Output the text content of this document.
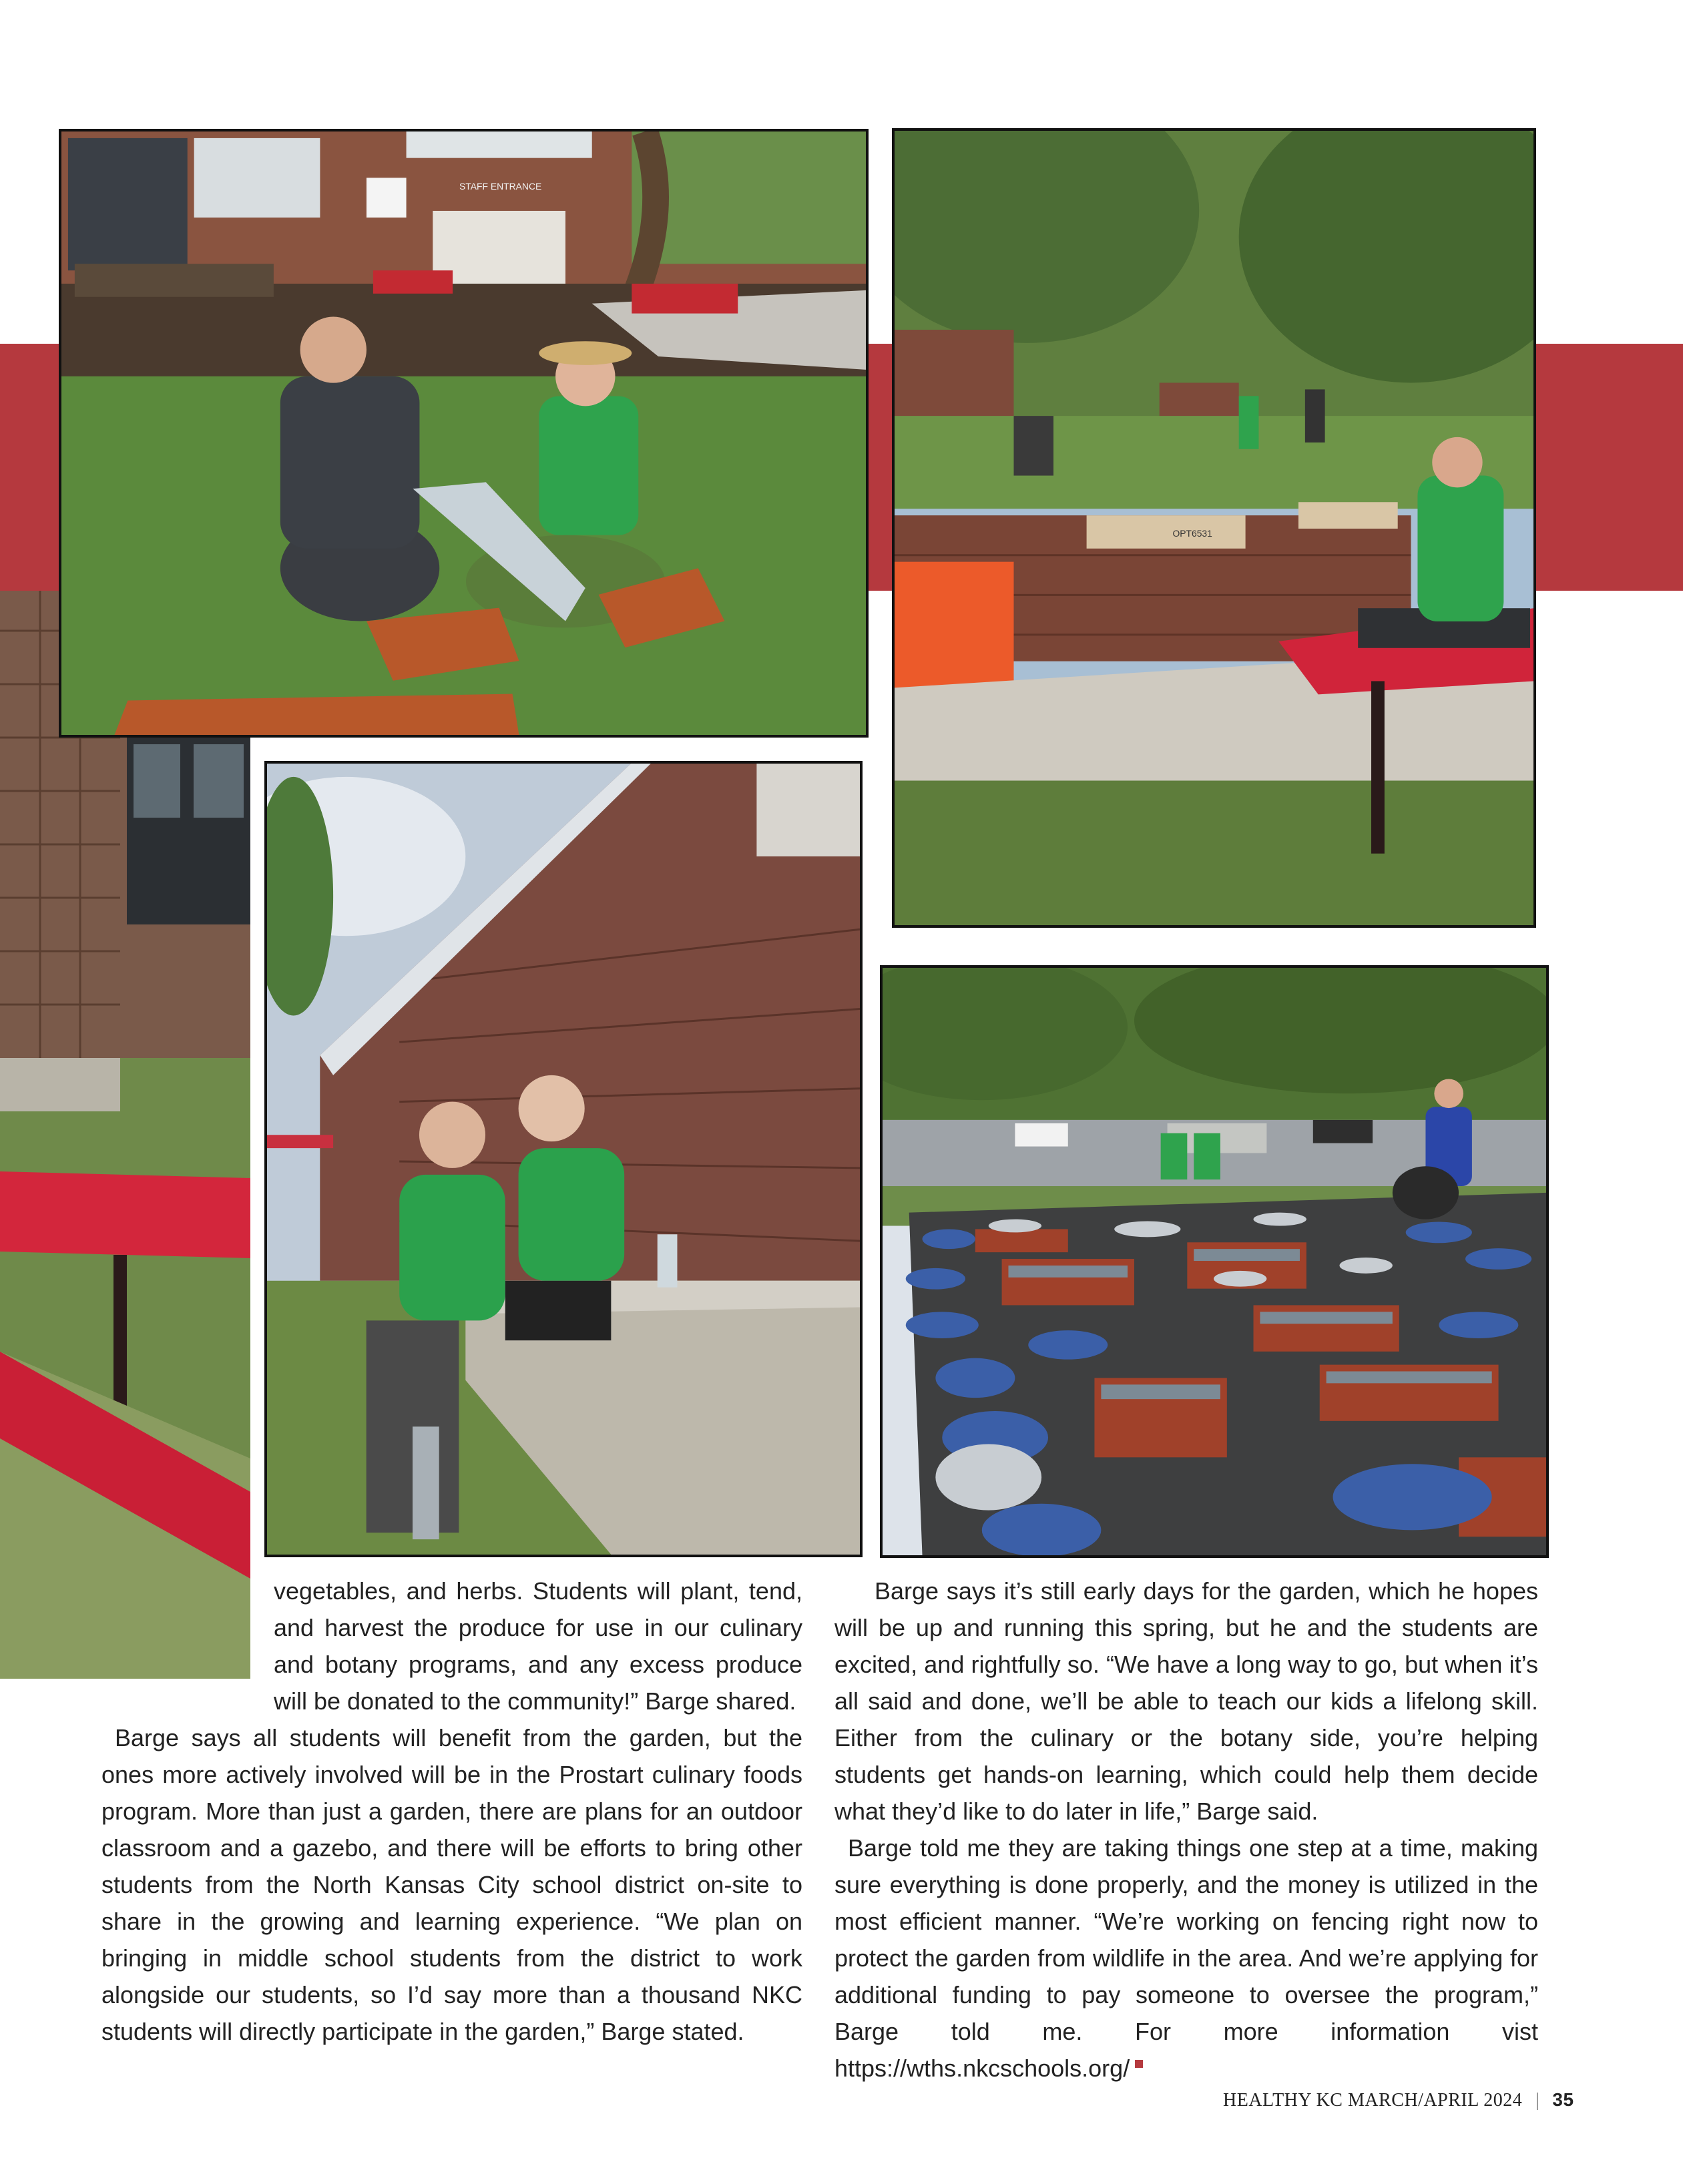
STAFF ENTRANCE
OPT6531

vegetables, and herbs. Students will plant, tend, and harvest the produce for use in our culinary and botany programs, and any excess produce will be donated to the community!” Barge shared.

Barge says all students will benefit from the garden, but the ones more actively involved will be in the Prostart culinary foods program. More than just a garden, there are plans for an outdoor classroom and a gazebo, and there will be efforts to bring other students from the North Kansas City school district on-site to share in the growing and learning experience. “We plan on bringing in middle school students from the district to work alongside our students, so I’d say more than a thousand NKC students will directly participate in the garden,” Barge stated.

Barge says it’s still early days for the garden, which he hopes will be up and running this spring, but he and the students are excited, and rightfully so. “We have a long way to go, but when it’s all said and done, we’ll be able to teach our kids a lifelong skill. Either from the culinary or the botany side, you’re helping students get hands-on learning, which could help them decide what they’d like to do later in life,” Barge said.

Barge told me they are taking things one step at a time, making sure everything is done properly, and the money is utilized in the most efficient manner. “We’re working on fencing right now to protect the garden from wildlife in the area. And we’re applying for additional funding to pay someone to oversee the program,” Barge told me. For more information vist https://wths.nkcschools.org/

HEALTHY KC MARCH/APRIL 2024 | 35
